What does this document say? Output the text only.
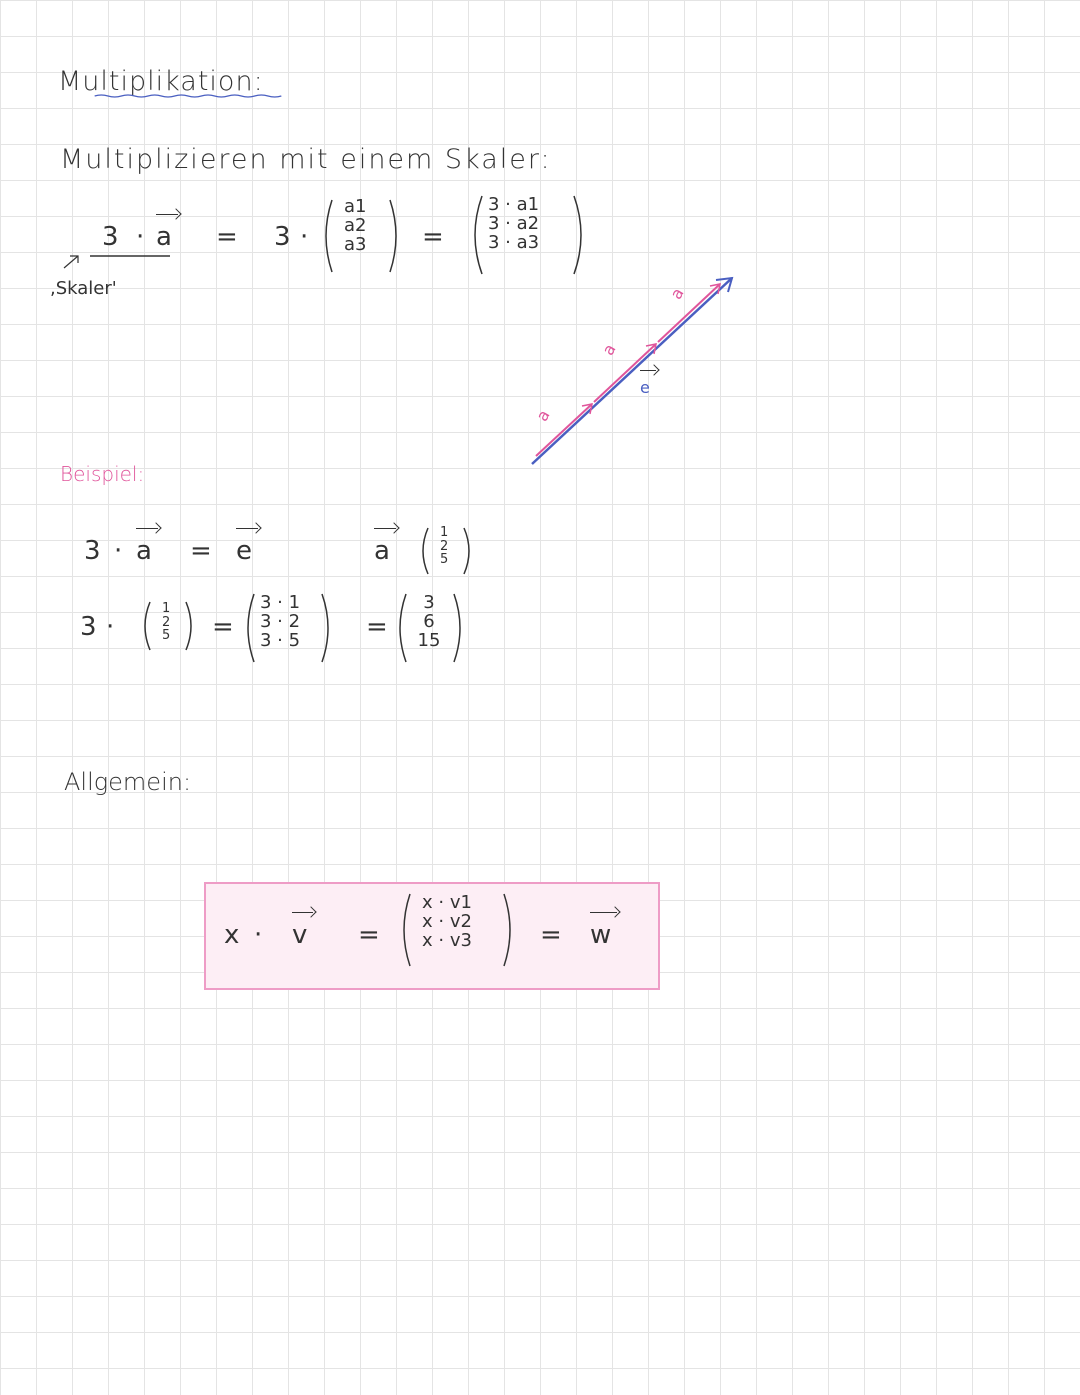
Multiplikation:
Multiplizieren mit einem Skaler:
3 · a
,Skaler'
= 3 ·
a1
a2
a3 =
3 · a1
3 · a2
3 · a3
a
a
a
e
Beispiel:
3 · a = e	a
1
2
5
3 ·
1
2
5 =
3 · 1
3 · 2
3 · 5	=
3
6
15
Allgemein:
x · v =
x · v1
x · v2
x · v3	= w
